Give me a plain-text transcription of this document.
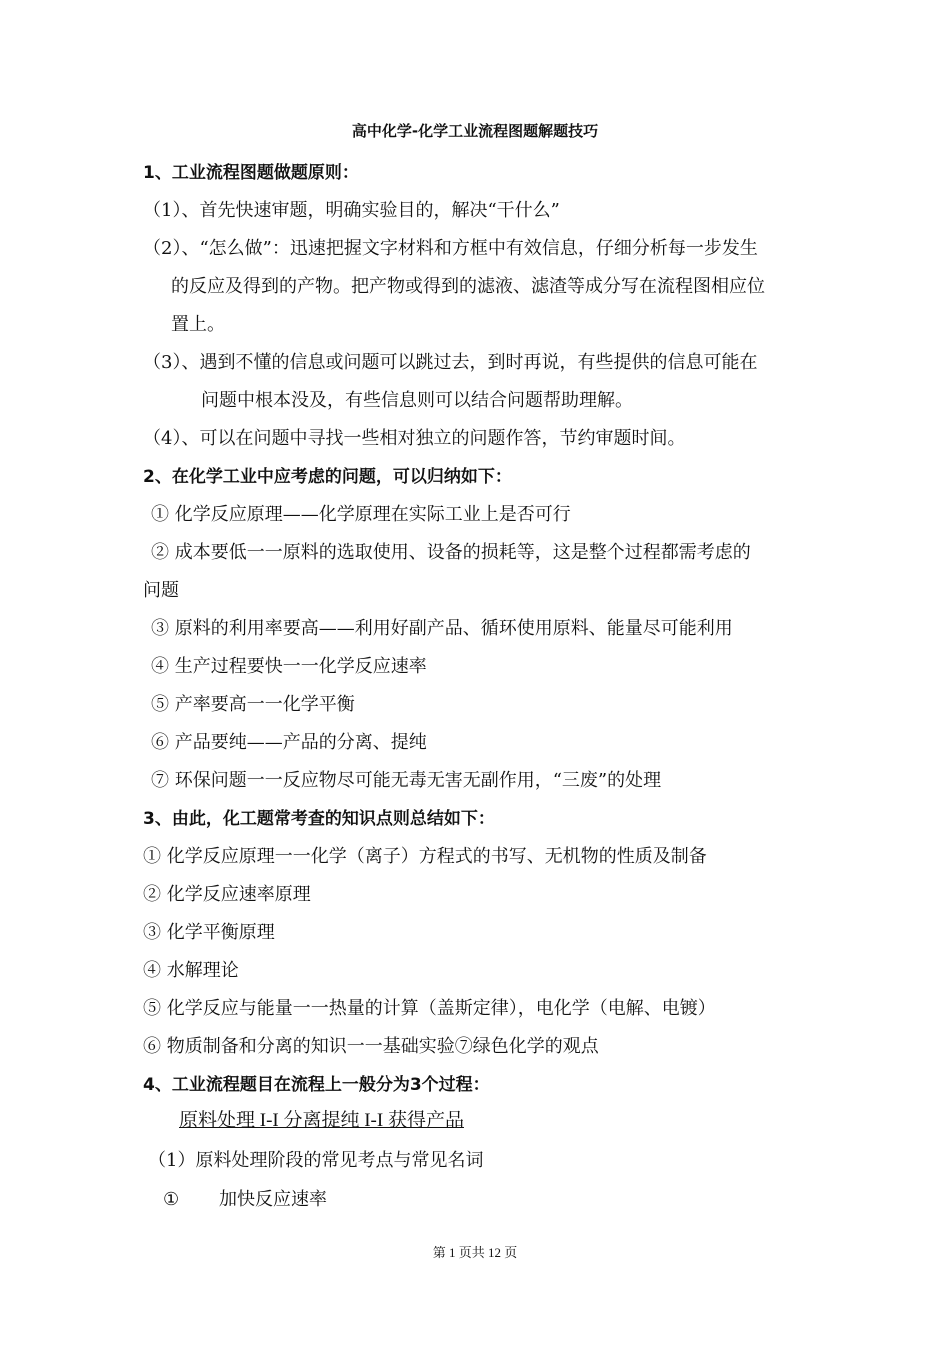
高中化学-化学工业流程图题解题技巧
1、工业流程图题做题原则：
（1）、首先快速审题，明确实验目的，解决“干什么”
（2）、“怎么做”：迅速把握文字材料和方框中有效信息，仔细分析每一步发生
的反应及得到的产物。把产物或得到的滤液、滤渣等成分写在流程图相应位
置上。
（3）、遇到不懂的信息或问题可以跳过去，到时再说，有些提供的信息可能在
问题中根本没及，有些信息则可以结合问题帮助理解。
（4）、可以在问题中寻找一些相对独立的问题作答，节约审题时间。
2、在化学工业中应考虑的问题，可以归纳如下：
① 化学反应原理——化学原理在实际工业上是否可行
② 成本要低一一原料的选取使用、设备的损耗等，这是整个过程都需考虑的
问题
③ 原料的利用率要高——利用好副产品、循环使用原料、能量尽可能利用
④ 生产过程要快一一化学反应速率
⑤ 产率要高一一化学平衡
⑥ 产品要纯——产品的分离、提纯
⑦ 环保问题一一反应物尽可能无毒无害无副作用，“三废”的处理
3、由此，化工题常考查的知识点则总结如下：
① 化学反应原理一一化学（离子）方程式的书写、无机物的性质及制备
② 化学反应速率原理
③ 化学平衡原理
④ 水解理论
⑤ 化学反应与能量一一热量的计算（盖斯定律），电化学（电解、电镀）
⑥ 物质制备和分离的知识一一基础实验⑦绿色化学的观点
4、工业流程题目在流程上一般分为3个过程：
原料处理 I-I 分离提纯 I-I 获得产品
（1）原料处理阶段的常见考点与常见名词
① 加快反应速率
第 1 页共 12 页
